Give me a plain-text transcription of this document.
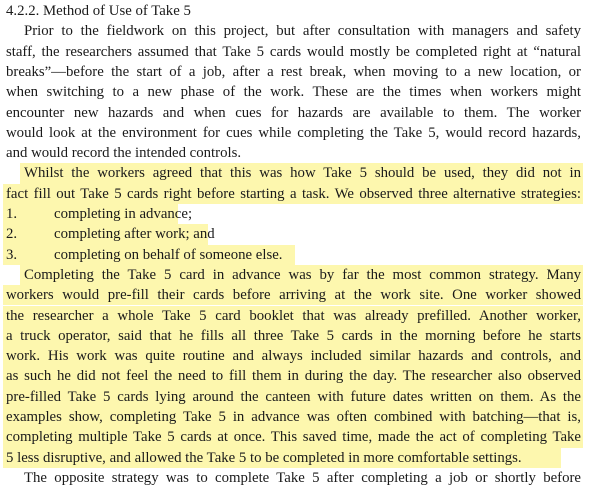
4.2.2. Method of Use of Take 5
Prior to the fieldwork on this project, but after consultation with managers and safety
staff, the researchers assumed that Take 5 cards would mostly be completed right at “natural
breaks”—before the start of a job, after a rest break, when moving to a new location, or
when switching to a new phase of the work. These are the times when workers might
encounter new hazards and when cues for hazards are available to them. The worker
would look at the environment for cues while completing the Take 5, would record hazards,
and would record the intended controls.
Whilst the workers agreed that this was how Take 5 should be used, they did not in
fact fill out Take 5 cards right before starting a task. We observed three alternative strategies:
1. completing in advance;
2. completing after work; and
3. completing on behalf of someone else.
Completing the Take 5 card in advance was by far the most common strategy. Many
workers would pre-fill their cards before arriving at the work site. One worker showed
the researcher a whole Take 5 card booklet that was already prefilled. Another worker,
a truck operator, said that he fills all three Take 5 cards in the morning before he starts
work. His work was quite routine and always included similar hazards and controls, and
as such he did not feel the need to fill them in during the day. The researcher also observed
pre-filled Take 5 cards lying around the canteen with future dates written on them. As the
examples show, completing Take 5 in advance was often combined with batching—that is,
completing multiple Take 5 cards at once. This saved time, made the act of completing Take
5 less disruptive, and allowed the Take 5 to be completed in more comfortable settings.
The opposite strategy was to complete Take 5 after completing a job or shortly before
